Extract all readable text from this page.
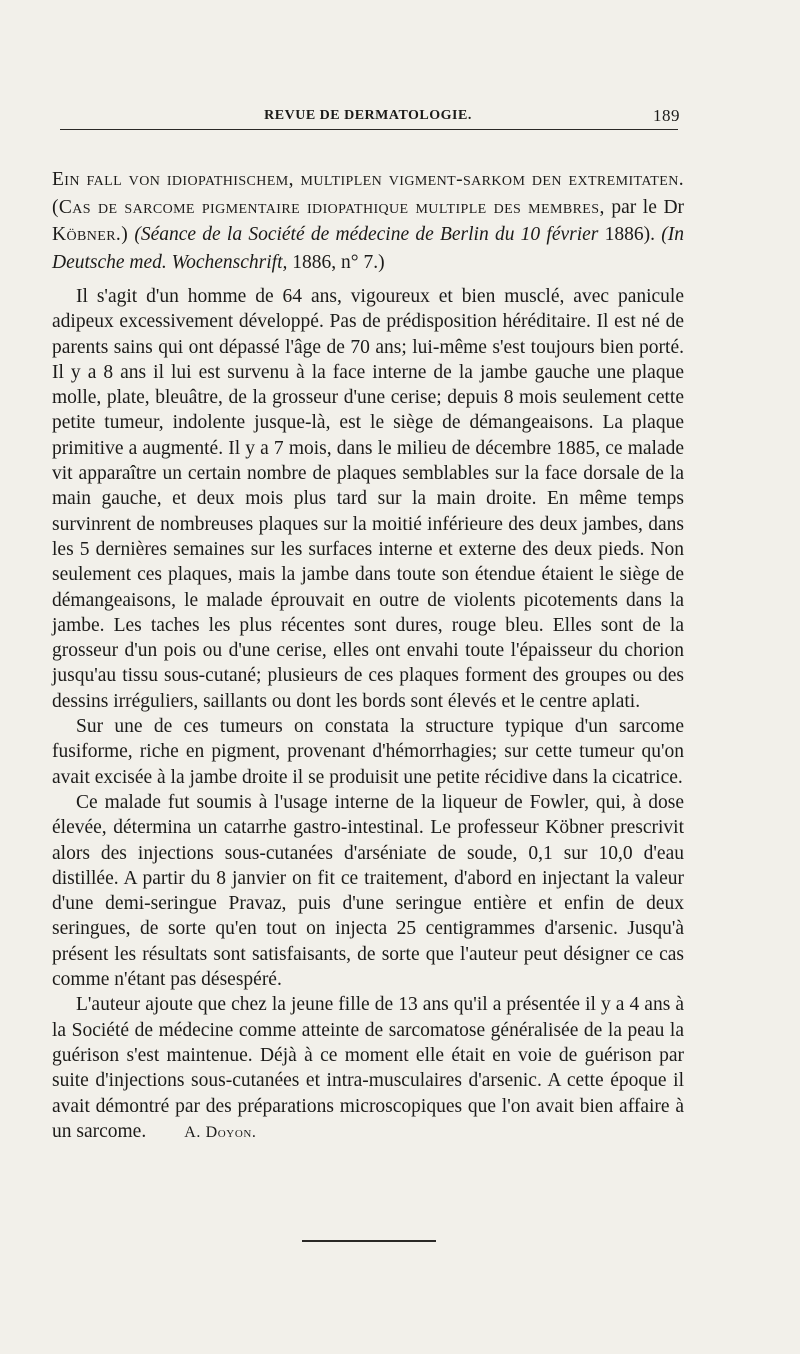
REVUE DE DERMATOLOGIE.	189
Ein fall von idiopathischem, multiplen vigment-sarkom den extremitaten. (Cas de sarcome pigmentaire idiopathique multiple des membres, par le Dr Köbner.) (Séance de la Société de médecine de Berlin du 10 février 1886). (In Deutsche med. Wochenschrift, 1886, n° 7.)

Il s'agit d'un homme de 64 ans, vigoureux et bien musclé, avec panicule adipeux excessivement développé. Pas de prédisposition héréditaire. Il est né de parents sains qui ont dépassé l'âge de 70 ans; lui-même s'est toujours bien porté. Il y a 8 ans il lui est survenu à la face interne de la jambe gauche une plaque molle, plate, bleuâtre, de la grosseur d'une cerise; depuis 8 mois seulement cette petite tumeur, indolente jusque-là, est le siège de démangeaisons. La plaque primitive a augmenté. Il y a 7 mois, dans le milieu de décembre 1885, ce malade vit apparaître un certain nombre de plaques semblables sur la face dorsale de la main gauche, et deux mois plus tard sur la main droite. En même temps survinrent de nombreuses plaques sur la moitié inférieure des deux jambes, dans les 5 dernières semaines sur les surfaces interne et externe des deux pieds. Non seulement ces plaques, mais la jambe dans toute son étendue étaient le siège de démangeaisons, le malade éprouvait en outre de violents picotements dans la jambe. Les taches les plus récentes sont dures, rouge bleu. Elles sont de la grosseur d'un pois ou d'une cerise, elles ont envahi toute l'épaisseur du chorion jusqu'au tissu sous-cutané; plusieurs de ces plaques forment des groupes ou des dessins irréguliers, saillants ou dont les bords sont élevés et le centre aplati.

Sur une de ces tumeurs on constata la structure typique d'un sarcome fusiforme, riche en pigment, provenant d'hémorrhagies; sur cette tumeur qu'on avait excisée à la jambe droite il se produisit une petite récidive dans la cicatrice.

Ce malade fut soumis à l'usage interne de la liqueur de Fowler, qui, à dose élevée, détermina un catarrhe gastro-intestinal. Le professeur Köbner prescrivit alors des injections sous-cutanées d'arséniate de soude, 0,1 sur 10,0 d'eau distillée. A partir du 8 janvier on fit ce traitement, d'abord en injectant la valeur d'une demi-seringue Pravaz, puis d'une seringue entière et enfin de deux seringues, de sorte qu'en tout on injecta 25 centigrammes d'arsenic. Jusqu'à présent les résultats sont satisfaisants, de sorte que l'auteur peut désigner ce cas comme n'étant pas désespéré.

L'auteur ajoute que chez la jeune fille de 13 ans qu'il a présentée il y a 4 ans à la Société de médecine comme atteinte de sarcomatose généralisée de la peau la guérison s'est maintenue. Déjà à ce moment elle était en voie de guérison par suite d'injections sous-cutanées et intra-musculaires d'arsenic. A cette époque il avait démontré par des préparations microscopiques que l'on avait bien affaire à un sarcome. A. Doyon.
